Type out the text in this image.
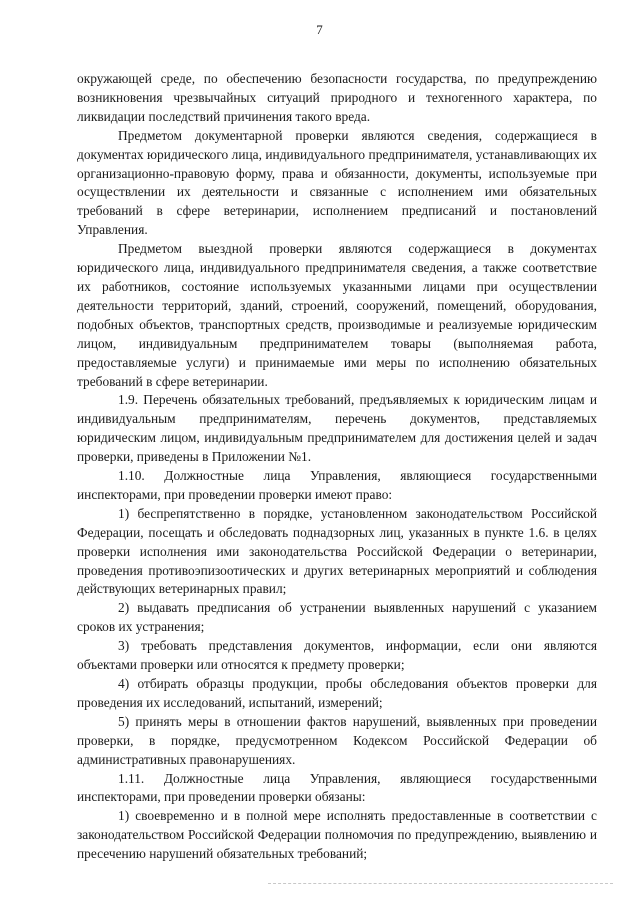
7

окружающей среде, по обеспечению безопасности государства, по предупреждению возникновения чрезвычайных ситуаций природного и техногенного характера, по ликвидации последствий причинения такого вреда.

Предметом документарной проверки являются сведения, содержащиеся в документах юридического лица, индивидуального предпринимателя, устанавливающих их организационно-правовую форму, права и обязанности, документы, используемые при осуществлении их деятельности и связанные с исполнением ими обязательных требований в сфере ветеринарии, исполнением предписаний и постановлений Управления.

Предметом выездной проверки являются содержащиеся в документах юридического лица, индивидуального предпринимателя сведения, а также соответствие их работников, состояние используемых указанными лицами при осуществлении деятельности территорий, зданий, строений, сооружений, помещений, оборудования, подобных объектов, транспортных средств, производимые и реализуемые юридическим лицом, индивидуальным предпринимателем товары (выполняемая работа, предоставляемые услуги) и принимаемые ими меры по исполнению обязательных требований в сфере ветеринарии.

1.9. Перечень обязательных требований, предъявляемых к юридическим лицам и индивидуальным предпринимателям, перечень документов, представляемых юридическим лицом, индивидуальным предпринимателем для достижения целей и задач проверки, приведены в Приложении №1.

1.10. Должностные лица Управления, являющиеся государственными инспекторами, при проведении проверки имеют право:

1) беспрепятственно в порядке, установленном законодательством Российской Федерации, посещать и обследовать поднадзорных лиц, указанных в пункте 1.6. в целях проверки исполнения ими законодательства Российской Федерации о ветеринарии, проведения противоэпизоотических и других ветеринарных мероприятий и соблюдения действующих ветеринарных правил;

2) выдавать предписания об устранении выявленных нарушений с указанием сроков их устранения;

3) требовать представления документов, информации, если они являются объектами проверки или относятся к предмету проверки;

4) отбирать образцы продукции, пробы обследования объектов проверки для проведения их исследований, испытаний, измерений;

5) принять меры в отношении фактов нарушений, выявленных при проведении проверки, в порядке, предусмотренном Кодексом Российской Федерации об административных правонарушениях.

1.11. Должностные лица Управления, являющиеся государственными инспекторами, при проведении проверки обязаны:

1) своевременно и в полной мере исполнять предоставленные в соответствии с законодательством Российской Федерации полномочия по предупреждению, выявлению и пресечению нарушений обязательных требований;
